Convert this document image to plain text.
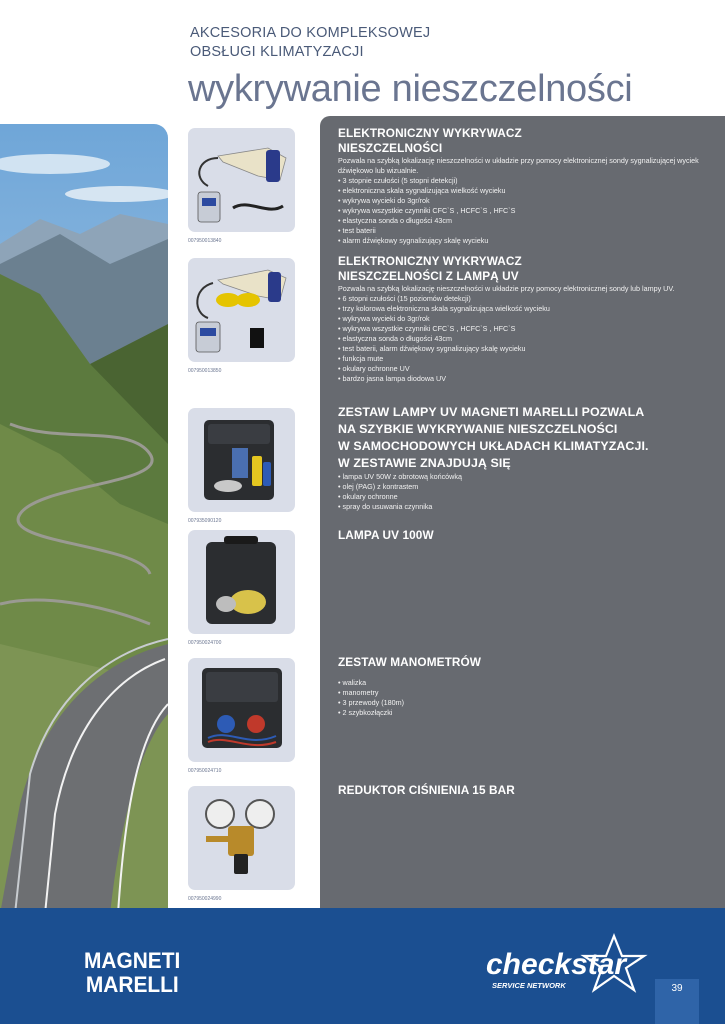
AKCESORIA DO KOMPLEKSOWEJ
OBSŁUGI KLIMATYZACJI
wykrywanie nieszczelności
007950013840
007950013850
007935090120
007950024700
007950024710
007950024990
ELEKTRONICZNY WYKRYWACZ
NIESZCZELNOŚCI

Pozwala na szybką lokalizację nieszczelności w układzie przy pomocy elektronicznej sondy sygnalizującej wyciek dźwiękowo lub wizualnie.

• 3 stopnie czułości (5 stopni detekcji)
• elektroniczna skala sygnalizująca wielkość wycieku
• wykrywa wycieki do 3gr/rok
• wykrywa wszystkie czynniki CFC`S , HCFC`S , HFC`S
• elastyczna sonda o długości 43cm
• test baterii
• alarm dźwiękowy sygnalizujący skalę wycieku
ELEKTRONICZNY WYKRYWACZ
NIESZCZELNOŚCI Z LAMPĄ UV

Pozwala na szybką lokalizację nieszczelności w układzie przy pomocy elektronicznej sondy lub lampy UV.

• 6 stopni czułości (15 poziomów detekcji)
• trzy kolorowa elektroniczna skala sygnalizująca wielkość wycieku
• wykrywa wycieki do 3gr/rok
• wykrywa wszystkie czynniki CFC`S , HCFC`S , HFC`S
• elastyczna sonda o długości 43cm
• test baterii, alarm dźwiękowy sygnalizujący skalę wycieku
• funkcja mute
• okulary ochronne UV
• bardzo jasna lampa diodowa UV
ZESTAW LAMPY UV MAGNETI MARELLI POZWALA
NA SZYBKIE WYKRYWANIE NIESZCZELNOŚCI
W SAMOCHODOWYCH UKŁADACH KLIMATYZACJI.
W ZESTAWIE ZNAJDUJĄ SIĘ
• lampa UV 50W z obrotową końcówką
• olej (PAG) z kontrastem
• okulary ochronne
• spray do usuwania czynnika
LAMPA UV 100W
ZESTAW MANOMETRÓW
• walizka
• manometry
• 3 przewody (180m)
• 2 szybkozłączki
REDUKTOR CIŚNIENIA 15 BAR
MAGNETI
MARELLI
checkstar
SERVICE NETWORK	39
